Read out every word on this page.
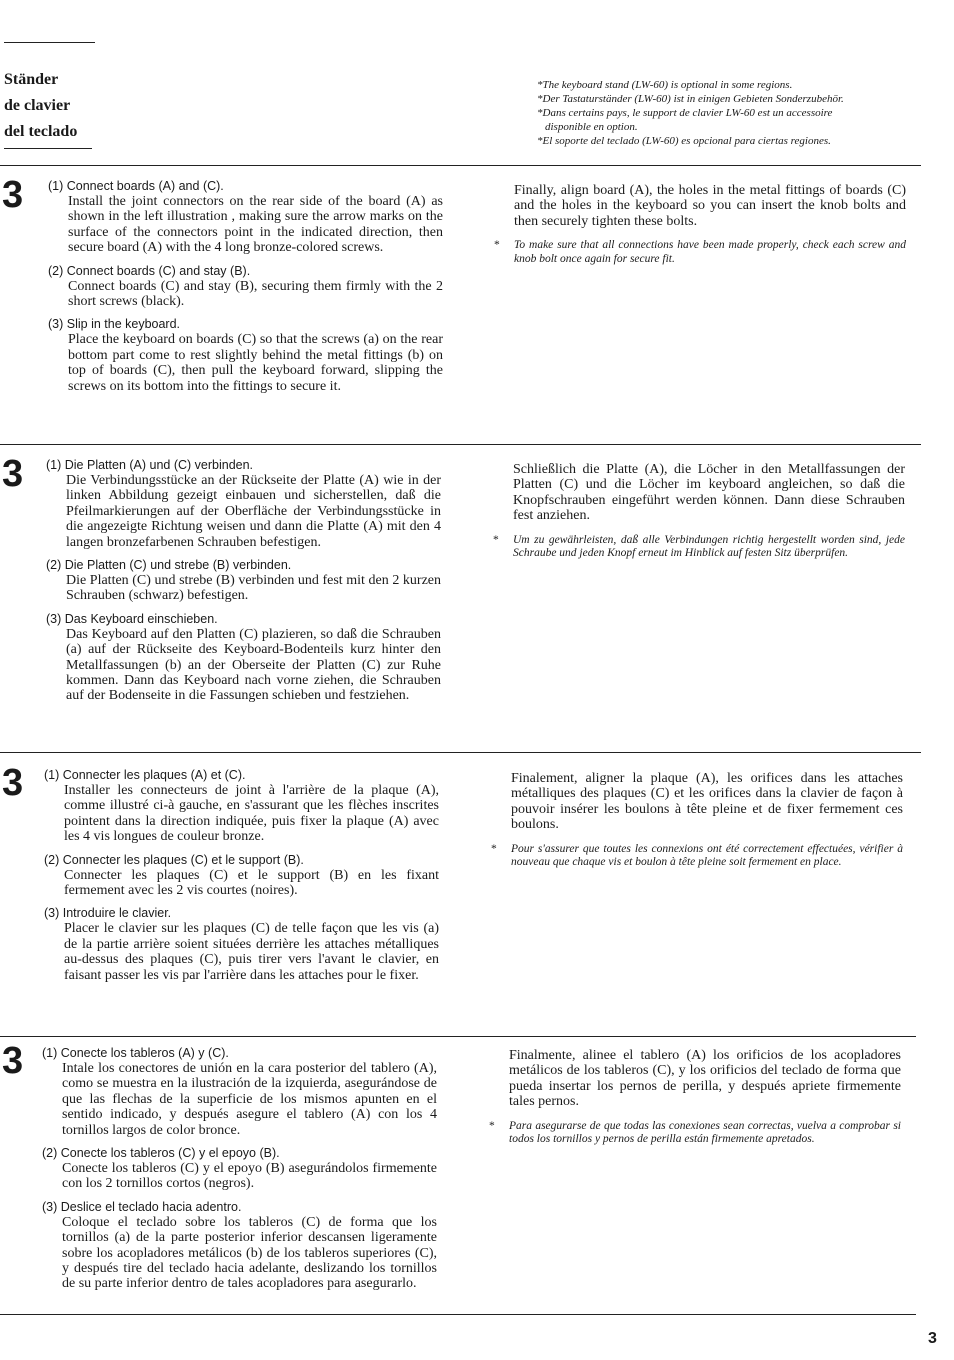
Ständer
de clavier
del teclado
*The keyboard stand (LW-60) is optional in some regions.
*Der Tastaturständer (LW-60) ist in einigen Gebieten Sonderzubehör.
*Dans certains pays, le support de clavier LW-60 est un accessoire
disponible en option.
*El soporte del teclado (LW-60) es opcional para ciertas regiones.
3 (1) Connect boards (A) and (C).

Install the joint connectors on the rear side of the board (A) as shown in the left illustration , making sure the arrow marks on the surface of the connectors point in the indicated direction, then secure board (A) with the 4 long bronze-colored screws.

(2) Connect boards (C) and stay (B).

Connect boards (C) and stay (B), securing them firmly with the 2 short screws (black).

(3) Slip in the keyboard.

Place the keyboard on boards (C) so that the screws (a) on the rear bottom part come to rest slightly behind the metal fittings (b) on top of boards (C), then pull the keyboard forward, slipping the screws on its bottom into the fittings to secure it.

Finally, align board (A), the holes in the metal fittings of boards (C) and the holes in the keyboard so you can insert the knob bolts and then securely tighten these bolts.

* To make sure that all connections have been made properly, check each screw and knob bolt once again for secure fit.

3 (1) Die Platten (A) und (C) verbinden.

Die Verbindungsstücke an der Rückseite der Platte (A) wie in der linken Abbildung gezeigt einbauen und sicherstellen, daß die Pfeilmarkierungen auf der Oberfläche der Verbindungsstücke in die angezeigte Richtung weisen und dann die Platte (A) mit den 4 langen bronzefarbenen Schrauben befestigen.

(2) Die Platten (C) und strebe (B) verbinden.

Die Platten (C) und strebe (B) verbinden und fest mit den 2 kurzen Schrauben (schwarz) befestigen.

(3) Das Keyboard einschieben.

Das Keyboard auf den Platten (C) plazieren, so daß die Schrauben (a) auf der Rückseite des Keyboard-Bodenteils kurz hinter den Metallfassungen (b) an der Oberseite der Platten (C) zur Ruhe kommen. Dann das Keyboard nach vorne ziehen, die Schrauben auf der Bodenseite in die Fassungen schieben und festziehen.

Schließlich die Platte (A), die Löcher in den Metallfassungen der Platten (C) und die Löcher im keyboard angleichen, so daß die Knopfschrauben eingeführt werden können. Dann diese Schrauben fest anziehen.

* Um zu gewährleisten, daß alle Verbindungen richtig hergestellt worden sind, jede Schraube und jeden Knopf erneut im Hinblick auf festen Sitz überprüfen.

3 (1) Connecter les plaques (A) et (C).

Installer les connecteurs de joint à l'arrière de la plaque (A), comme illustré ci-à gauche, en s'assurant que les flèches inscrites pointent dans la direction indiquée, puis fixer la plaque (A) avec les 4 vis longues de couleur bronze.

(2) Connecter les plaques (C) et le support (B).

Connecter les plaques (C) et le support (B) en les fixant fermement avec les 2 vis courtes (noires).

(3) Introduire le clavier.

Placer le clavier sur les plaques (C) de telle façon que les vis (a) de la partie arrière soient situées derrière les attaches métalliques au-dessus des plaques (C), puis tirer vers l'avant le clavier, en faisant passer les vis par l'arrière dans les attaches pour le fixer.

Finalement, aligner la plaque (A), les orifices dans les attaches métalliques des plaques (C) et les orifices dans la clavier de façon à pouvoir insérer les boulons à tête pleine et de fixer fermement ces boulons.

* Pour s'assurer que toutes les connexions ont été correctement effectuées, vérifier à nouveau que chaque vis et boulon à tête pleine soit fermement en place.

3 (1) Conecte los tableros (A) y (C).

Intale los conectores de unión en la cara posterior del tablero (A), como se muestra en la ilustración de la izquierda, asegurándose de que las flechas de la superficie de los mismos apunten en el sentido indicado, y después asegure el tablero (A) con los 4 tornillos largos de color bronce.

(2) Conecte los tableros (C) y el epoyo (B).

Conecte los tableros (C) y el epoyo (B) asegurándolos firmemente con los 2 tornillos cortos (negros).

(3) Deslice el teclado hacia adentro.

Coloque el teclado sobre los tableros (C) de forma que los tornillos (a) de la parte posterior inferior descansen ligeramente sobre los acopladores metálicos (b) de los tableros superiores (C), y después tire del teclado hacia adelante, deslizando los tornillos de su parte inferior dentro de tales acopladores para asegurarlo.

Finalmente, alinee el tablero (A) los orificios de los acopladores metálicos de los tableros (C), y los orificios del teclado de forma que pueda insertar los pernos de perilla, y después apriete firmemente tales pernos.

* Para asegurarse de que todas las conexiones sean correctas, vuelva a comprobar si todos los tornillos y pernos de perilla están firmemente apretados.

3
